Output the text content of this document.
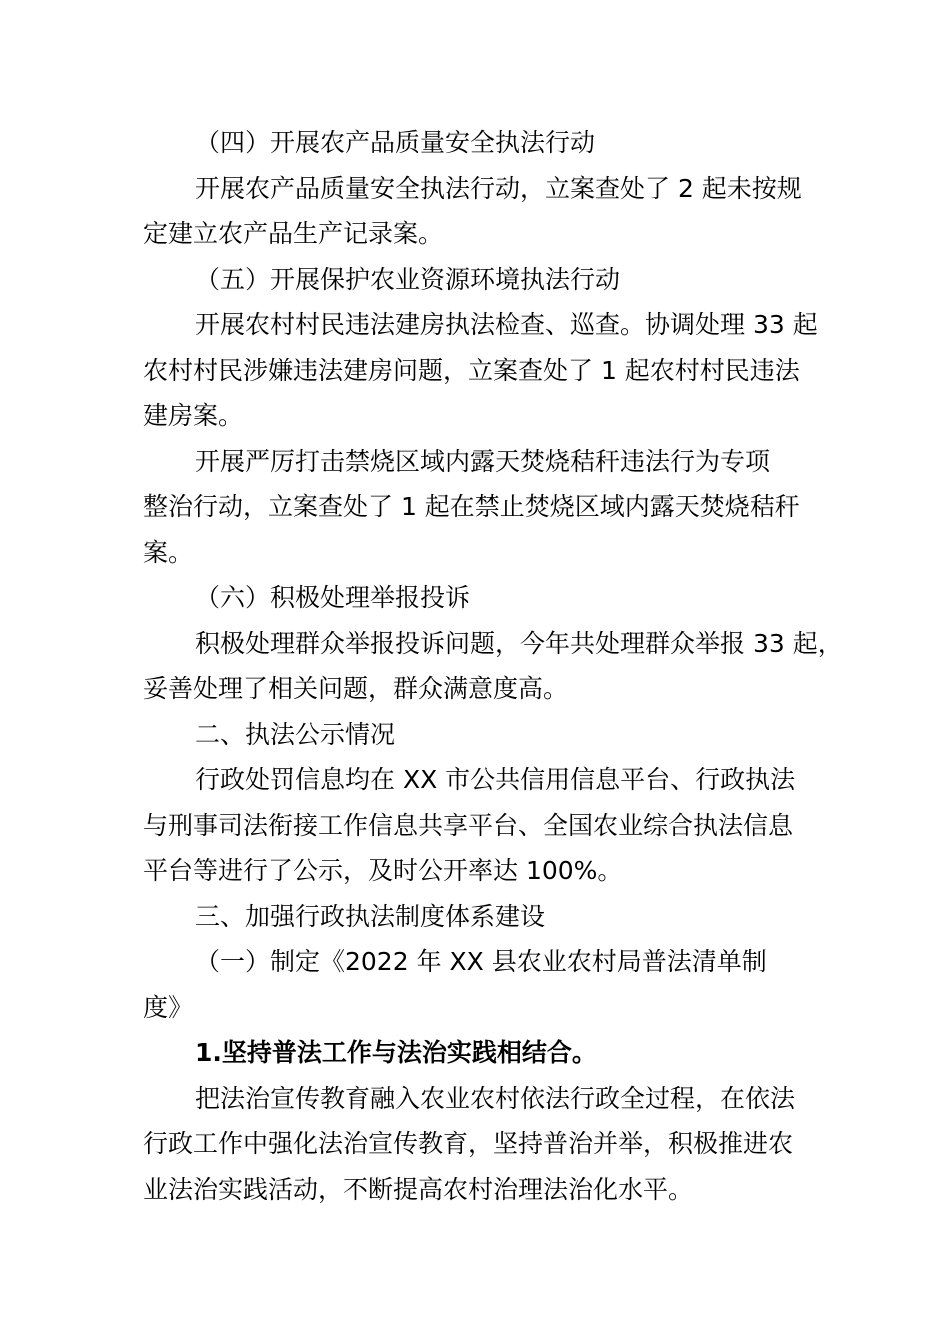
（四）开展农产品质量安全执法行动
开展农产品质量安全执法行动，立案查处了 2 起未按规
定建立农产品生产记录案。
（五）开展保护农业资源环境执法行动
开展农村村民违法建房执法检查、巡查。协调处理 33 起
农村村民涉嫌违法建房问题，立案查处了 1 起农村村民违法
建房案。
开展严厉打击禁烧区域内露天焚烧秸秆违法行为专项
整治行动，立案查处了 1 起在禁止焚烧区域内露天焚烧秸秆
案。
（六）积极处理举报投诉
积极处理群众举报投诉问题，今年共处理群众举报 33 起，
妥善处理了相关问题，群众满意度高。
二、执法公示情况
行政处罚信息均在 XX 市公共信用信息平台、行政执法
与刑事司法衔接工作信息共享平台、全国农业综合执法信息
平台等进行了公示，及时公开率达 100%。
三、加强行政执法制度体系建设
（一）制定《2022 年 XX 县农业农村局普法清单制
度》
1.坚持普法工作与法治实践相结合。
把法治宣传教育融入农业农村依法行政全过程，在依法
行政工作中强化法治宣传教育，坚持普治并举，积极推进农
业法治实践活动，不断提高农村治理法治化水平。
